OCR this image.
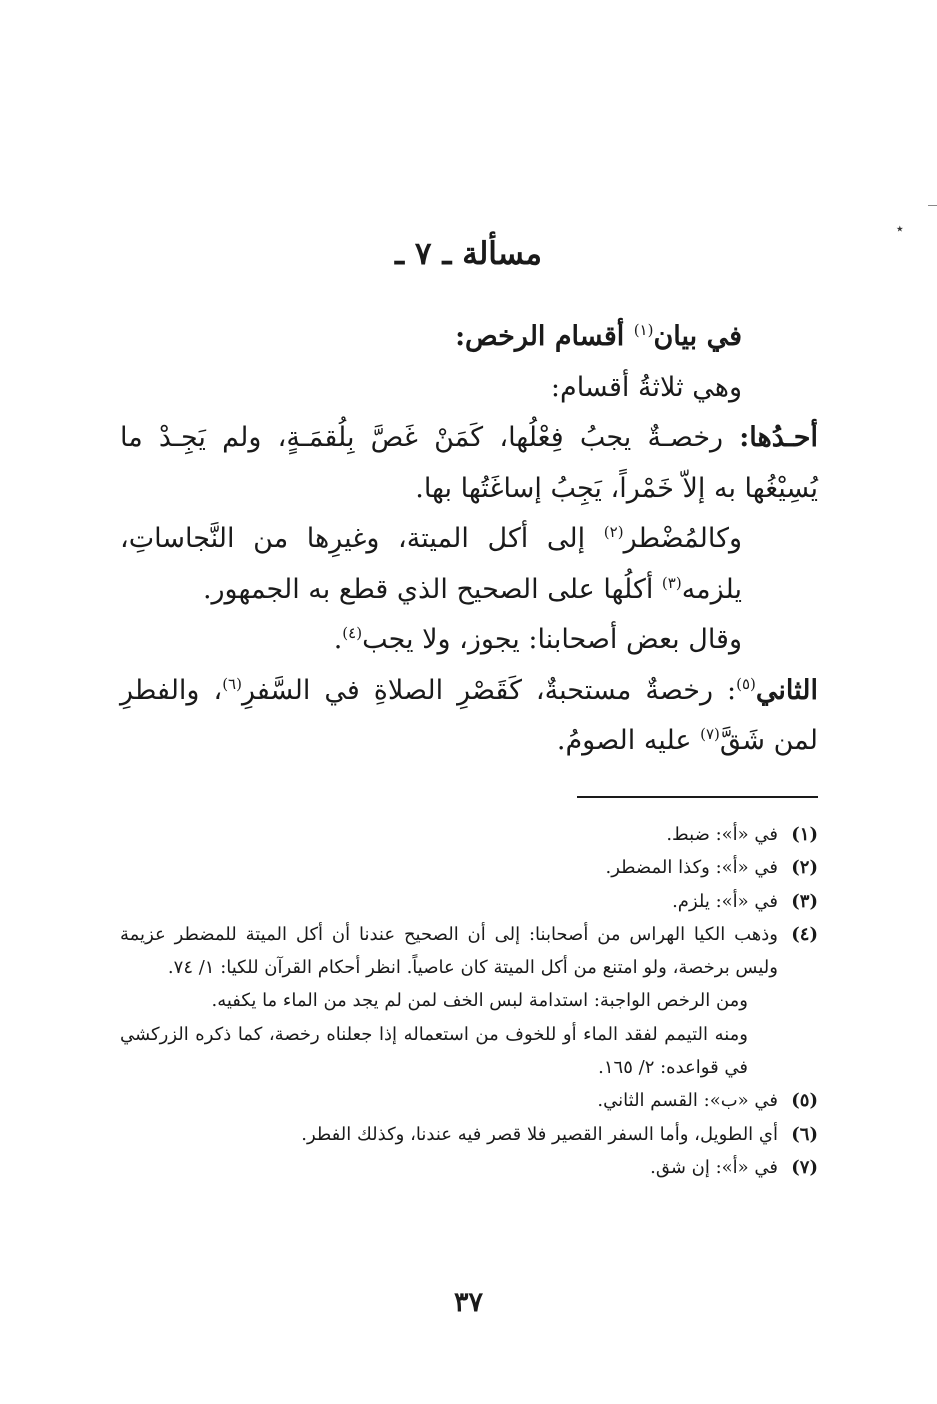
٭
مسألة ـ ٧ ـ

في بيان$^{(١)}$ أقسام الرخص:

وهي ثلاثةُ أقسام:

أحـدُها: رخصـةٌ يجبُ فِعْلُها، كَمَنْ غَصَّ بِلُقمَـةٍ، ولم يَجِـدْ ما يُسِيْغُها به إلاّ خَمْراً، يَجِبُ إساغَتُها بها.

وكالمُضْطر$^{(٢)}$ إلى أكل الميتة، وغيرِها من النَّجاساتِ، يلزمه$^{(٣)}$ أكلُها على الصحيح الذي قطع به الجمهور.

وقال بعض أصحابنا: يجوز، ولا يجب$^{(٤)}$.

الثاني$^{(٥)}$: رخصةٌ مستحبةٌ، كَقَصْرِ الصلاةِ في السَّفرِ$^{(٦)}$، والفطرِ لمن شَقَّ$^{(٧)}$ عليه الصومُ.

(١)
في «أ»: ضبط.

(٢)
في «أ»: وكذا المضطر.

(٣)
في «أ»: يلزم.

(٤)
وذهب الكيا الهراس من أصحابنا: إلى أن الصحيح عندنا أن أكل الميتة للمضطر عزيمة وليس برخصة، ولو امتنع من أكل الميتة كان عاصياً. انظر أحكام القرآن للكيا: ١/ ٧٤.

ومن الرخص الواجبة: استدامة لبس الخف لمن لم يجد من الماء ما يكفيه.

ومنه التيمم لفقد الماء أو للخوف من استعماله إذا جعلناه رخصة، كما ذكره الزركشي في قواعده: ٢/ ١٦٥.

(٥)
في «ب»: القسم الثاني.

(٦)
أي الطويل، وأما السفر القصير فلا قصر فيه عندنا، وكذلك الفطر.

(٧)
في «أ»: إن شق.

٣٧
